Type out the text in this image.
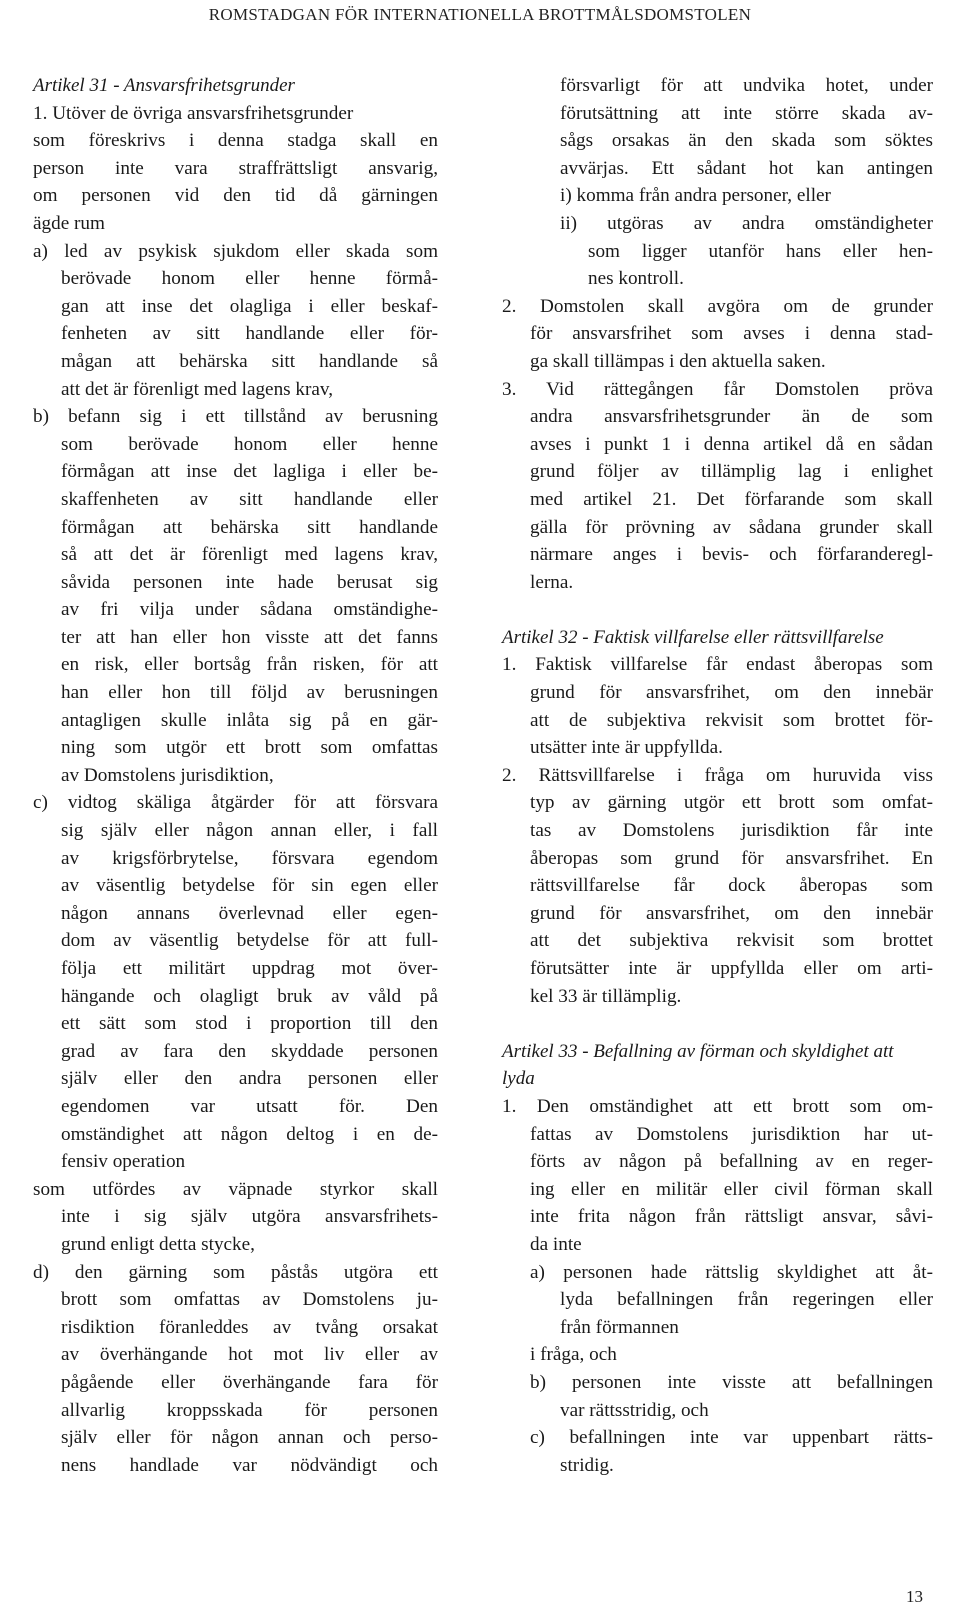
ROMSTADGAN FÖR INTERNATIONELLA BROTTMÅLSDOMSTOLEN
Artikel 31 - Ansvarsfrihetsgrunder
1. Utöver de övriga ansvarsfrihetsgrunder
som föreskrivs i denna stadga skall en
person inte vara straffrättsligt ansvarig,
om personen vid den tid då gärningen
ägde rum
a) led av psykisk sjukdom eller skada som
berövade honom eller henne förmå-
gan att inse det olagliga i eller beskaf-
fenheten av sitt handlande eller för-
mågan att behärska sitt handlande så
att det är förenligt med lagens krav,
b) befann sig i ett tillstånd av berusning
som berövade honom eller henne
förmågan att inse det lagliga i eller be-
skaffenheten av sitt handlande eller
förmågan att behärska sitt handlande
så att det är förenligt med lagens krav,
såvida personen inte hade berusat sig
av fri vilja under sådana omständighe-
ter att han eller hon visste att det fanns
en risk, eller bortsåg från risken, för att
han eller hon till följd av berusningen
antagligen skulle inlåta sig på en gär-
ning som utgör ett brott som omfattas
av Domstolens jurisdiktion,
c) vidtog skäliga åtgärder för att försvara
sig själv eller någon annan eller, i fall
av krigsförbrytelse, försvara egendom
av väsentlig betydelse för sin egen eller
någon annans överlevnad eller egen-
dom av väsentlig betydelse för att full-
följa ett militärt uppdrag mot över-
hängande och olagligt bruk av våld på
ett sätt som stod i proportion till den
grad av fara den skyddade personen
själv eller den andra personen eller
egendomen var utsatt för. Den
omständighet att någon deltog i en de-
fensiv operation
som utfördes av väpnade styrkor skall
inte i sig själv utgöra ansvarsfrihets-
grund enligt detta stycke,
d) den gärning som påstås utgöra ett
brott som omfattas av Domstolens ju-
risdiktion föranleddes av tvång orsakat
av överhängande hot mot liv eller av
pågående eller överhängande fara för
allvarlig kroppsskada för personen
själv eller för någon annan och perso-
nens handlade var nödvändigt och
försvarligt för att undvika hotet, under
förutsättning att inte större skada av-
sågs orsakas än den skada som söktes
avvärjas. Ett sådant hot kan antingen
i) komma från andra personer, eller
ii) utgöras av andra omständigheter
som ligger utanför hans eller hen-
nes kontroll.
2. Domstolen skall avgöra om de grunder
för ansvarsfrihet som avses i denna stad-
ga skall tillämpas i den aktuella saken.
3. Vid rättegången får Domstolen pröva
andra ansvarsfrihetsgrunder än de som
avses i punkt 1 i denna artikel då en sådan
grund följer av tillämplig lag i enlighet
med artikel 21. Det förfarande som skall
gälla för prövning av sådana grunder skall
närmare anges i bevis- och förfaranderegl-
lerna.
Artikel 32 - Faktisk villfarelse eller rättsvillfarelse
1. Faktisk villfarelse får endast åberopas som
grund för ansvarsfrihet, om den innebär
att de subjektiva rekvisit som brottet för-
utsätter inte är uppfyllda.
2. Rättsvillfarelse i fråga om huruvida viss
typ av gärning utgör ett brott som omfat-
tas av Domstolens jurisdiktion får inte
åberopas som grund för ansvarsfrihet. En
rättsvillfarelse får dock åberopas som
grund för ansvarsfrihet, om den innebär
att det subjektiva rekvisit som brottet
förutsätter inte är uppfyllda eller om arti-
kel 33 är tillämplig.
Artikel 33 - Befallning av förman och skyldighet att
lyda
1. Den omständighet att ett brott som om-
fattas av Domstolens jurisdiktion har ut-
förts av någon på befallning av en reger-
ing eller en militär eller civil förman skall
inte frita någon från rättsligt ansvar, såvi-
da inte
a) personen hade rättslig skyldighet att åt-
lyda befallningen från regeringen eller
från förmannen
i fråga, och
b) personen inte visste att befallningen
var rättsstridig, och
c) befallningen inte var uppenbart rätts-
stridig.
13
